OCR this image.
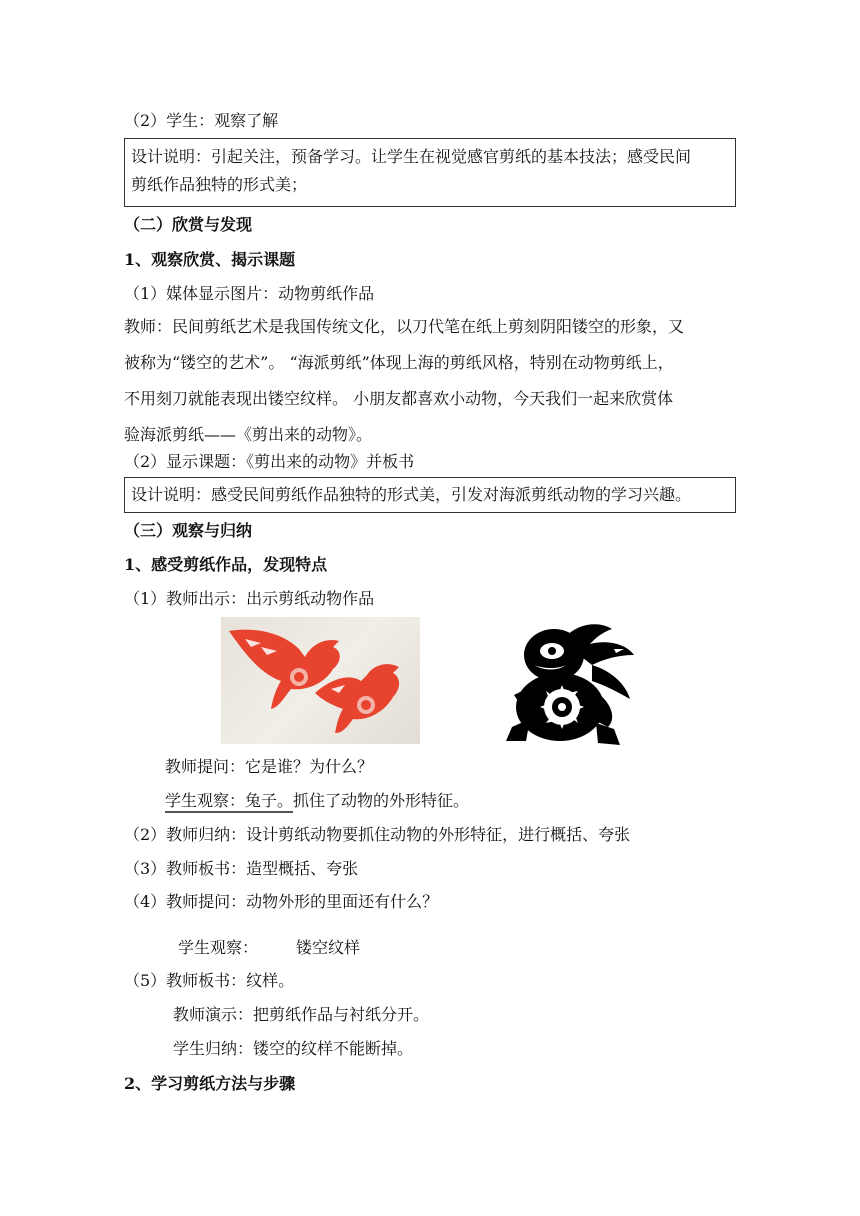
（2）学生：观察了解
设计说明：引起关注，预备学习。让学生在视觉感官剪纸的基本技法；感受民间
剪纸作品独特的形式美；
（二）欣赏与发现
1、观察欣赏、揭示课题
（1）媒体显示图片：动物剪纸作品
教师：民间剪纸艺术是我国传统文化，以刀代笔在纸上剪刻阴阳镂空的形象，又
被称为“镂空的艺术”。 “海派剪纸”体现上海的剪纸风格，特别在动物剪纸上，
不用刻刀就能表现出镂空纹样。 小朋友都喜欢小动物，今天我们一起来欣赏体
验海派剪纸——《剪出来的动物》。
（2）显示课题：《剪出来的动物》并板书
设计说明：感受民间剪纸作品独特的形式美，引发对海派剪纸动物的学习兴趣。
（三）观察与归纳
1、感受剪纸作品，发现特点
（1）教师出示：出示剪纸动物作品
教师提问：它是谁？为什么？
学生观察：兔子。抓住了动物的外形特征。
（2）教师归纳：设计剪纸动物要抓住动物的外形特征，进行概括、夸张
（3）教师板书：造型概括、夸张
（4）教师提问：动物外形的里面还有什么？
学生观察： 镂空纹样
（5）教师板书：纹样。
教师演示：把剪纸作品与衬纸分开。
学生归纳：镂空的纹样不能断掉。
2、学习剪纸方法与步骤
